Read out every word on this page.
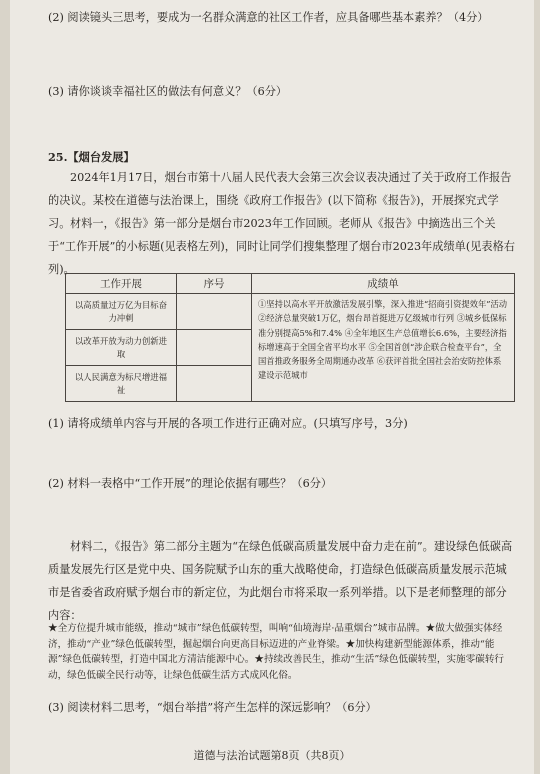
(2) 阅读镜头三思考，要成为一名群众满意的社区工作者，应具备哪些基本素养？（4分）
(3) 请你谈谈幸福社区的做法有何意义？（6分）
25.【烟台发展】
2024年1月17日，烟台市第十八届人民代表大会第三次会议表决通过了关于政府工作报告的决议。某校在道德与法治课上，围绕《政府工作报告》(以下简称《报告》)，开展探究式学习。 材料一，《报告》第一部分是烟台市2023年工作回顾。老师从《报告》中摘选出三个关于“工作开展”的小标题(见表格左列)，同时让同学们搜集整理了烟台市2023年成绩单(见表格右列)。
工作开展	序号	成绩单
以高质量过万亿为目标奋力冲刺		①坚持以高水平开放激活发展引擎，深入推进“招商引资提效年”活动 ②经济总量突破1万亿，烟台昂首挺进万亿级城市行列 ③城乡低保标准分别提高5%和7.4% ④全年地区生产总值增长6.6%，主要经济指标增速高于全国全省平均水平 ⑤全国首创“涉企联合检查平台”，全国首推政务服务全周期通办改革 ⑥获评首批全国社会治安防控体系建设示范城市
以改革开放为动力创新进取		
以人民满意为标尺增进福祉		
(1) 请将成绩单内容与开展的各项工作进行正确对应。(只填写序号，3分)
(2) 材料一表格中“工作开展”的理论依据有哪些？（6分）
材料二，《报告》第二部分主题为“在绿色低碳高质量发展中奋力走在前”。建设绿色低碳高质量发展先行区是党中央、国务院赋予山东的重大战略使命，打造绿色低碳高质量发展示范城市是省委省政府赋予烟台市的新定位，为此烟台市将采取一系列举措。以下是老师整理的部分内容：
★全方位提升城市能级，推动“城市”绿色低碳转型，叫响“仙境海岸·品重烟台”城市品牌。★做大做强实体经济，推动“产业”绿色低碳转型，掘起烟台向更高目标迈进的产业脊梁。★加快构建新型能源体系，推动“能源”绿色低碳转型，打造中国北方清洁能源中心。★持续改善民生，推动“生活”绿色低碳转型，实施零碳转行动，绿色低碳全民行动等，让绿色低碳生活方式成风化俗。
(3) 阅读材料二思考，“烟台举措”将产生怎样的深远影响？（6分）
道德与法治试题第8页（共8页）
